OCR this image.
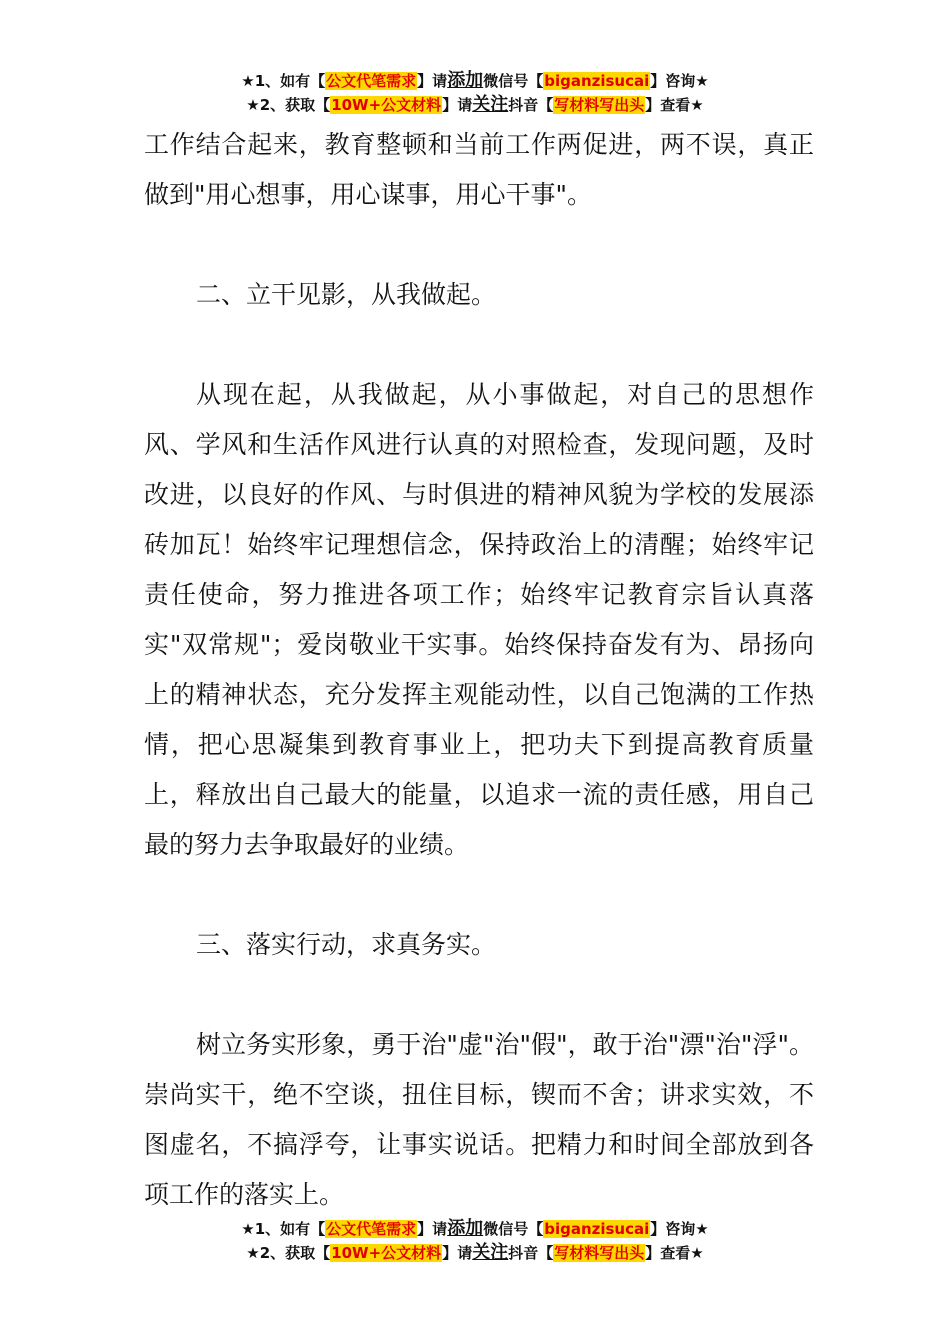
★1、如有【公文代笔需求】请添加微信号【biganzisucai】咨询★
★2、获取【10W+公文材料】请关注抖音【写材料写出头】查看★

工作结合起来，教育整顿和当前工作两促进，两不误，真正做到"用心想事，用心谋事，用心干事"。

二、立干见影，从我做起。

从现在起，从我做起，从小事做起，对自己的思想作风、学风和生活作风进行认真的对照检查，发现问题，及时改进，以良好的作风、与时俱进的精神风貌为学校的发展添砖加瓦！始终牢记理想信念，保持政治上的清醒；始终牢记责任使命，努力推进各项工作；始终牢记教育宗旨认真落实"双常规"；爱岗敬业干实事。始终保持奋发有为、昂扬向上的精神状态，充分发挥主观能动性，以自己饱满的工作热情，把心思凝集到教育事业上，把功夫下到提高教育质量上，释放出自己最大的能量，以追求一流的责任感，用自己最的努力去争取最好的业绩。

三、落实行动，求真务实。

树立务实形象，勇于治"虚"治"假"，敢于治"漂"治"浮"。崇尚实干，绝不空谈，扭住目标，锲而不舍；讲求实效，不图虚名，不搞浮夸，让事实说话。把精力和时间全部放到各项工作的落实上。

★1、如有【公文代笔需求】请添加微信号【biganzisucai】咨询★
★2、获取【10W+公文材料】请关注抖音【写材料写出头】查看★
